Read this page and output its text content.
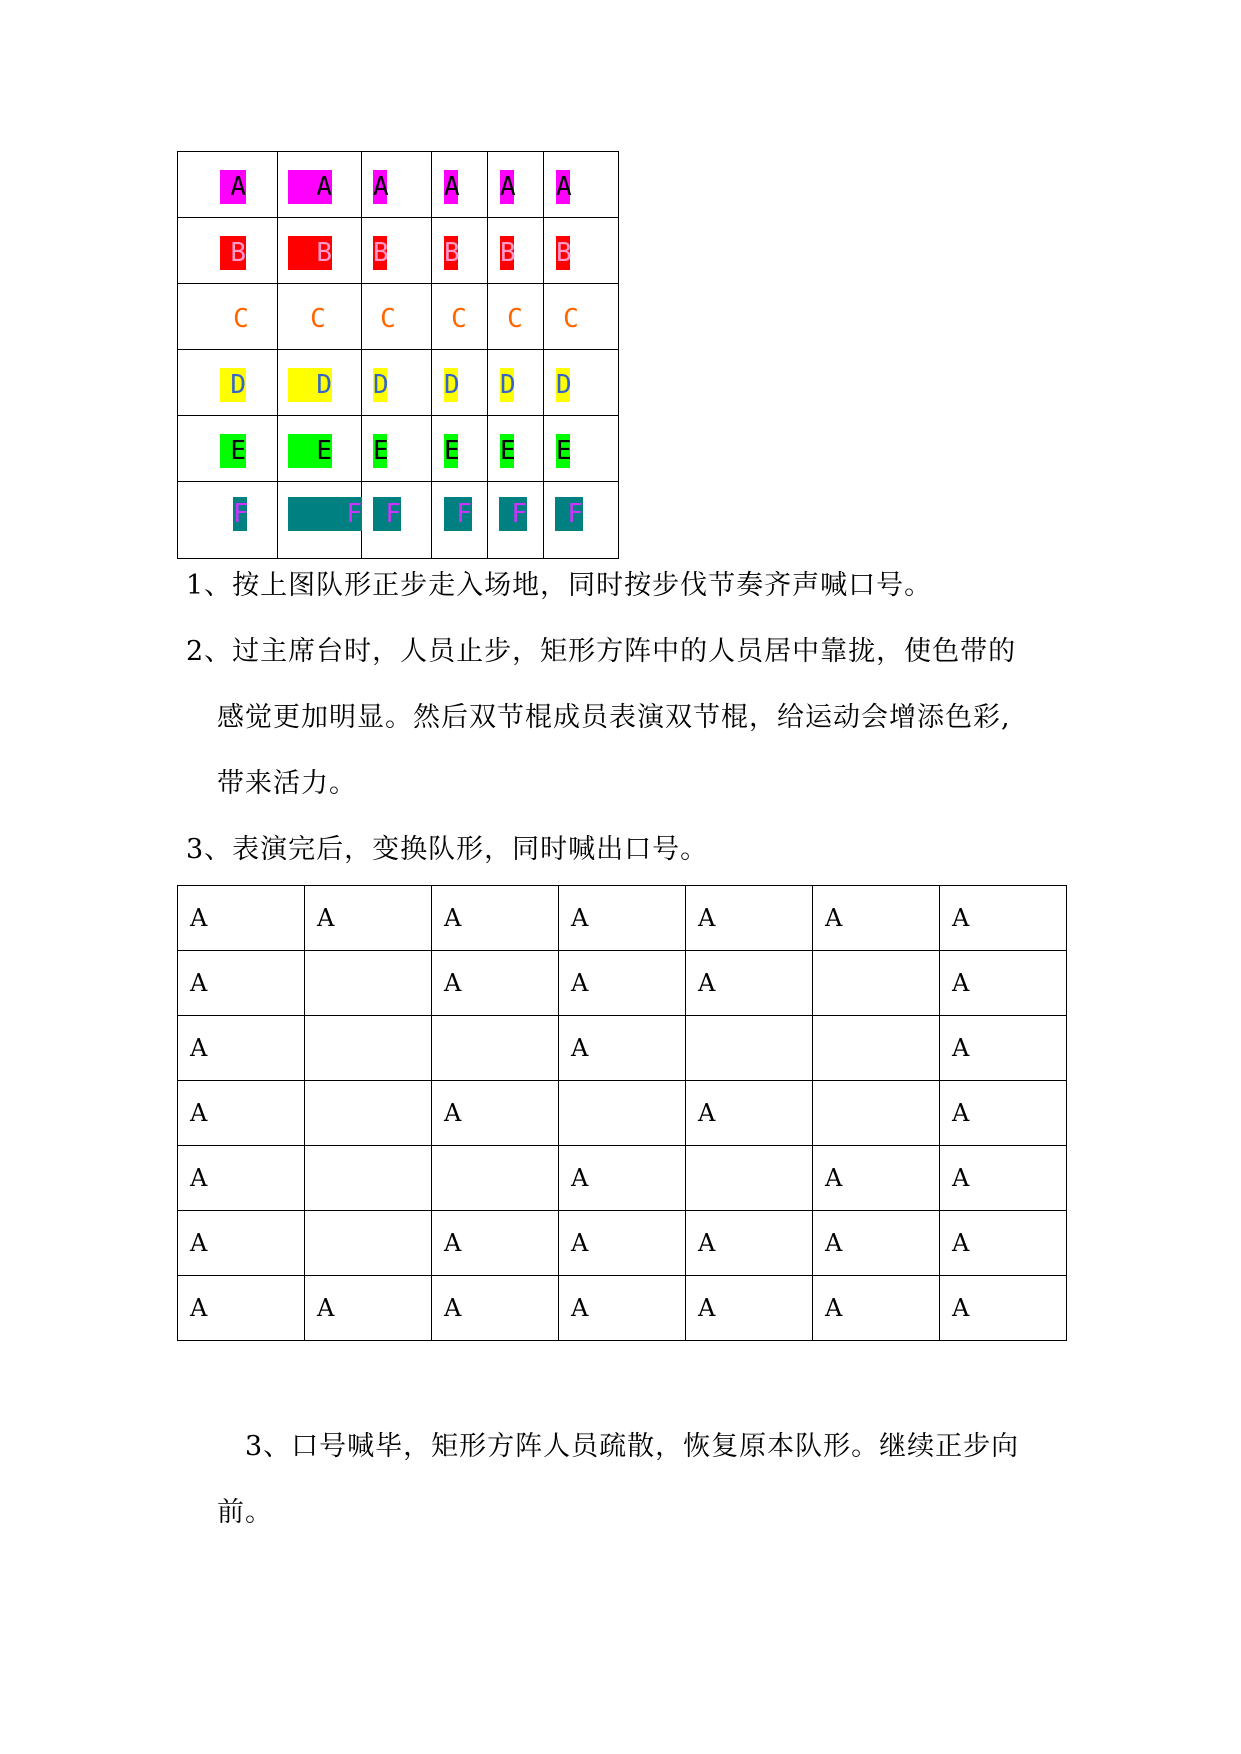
A	A	A	A	A	A

B	B	B	B	B	B

C	C	C	C	C	C

D	D	D	D	D	D

E	E	E	E	E	E

F	F	F	F	F	F

1、按上图队形正步走入场地，同时按步伐节奏齐声喊口号。

2、过主席台时，人员止步，矩形方阵中的人员居中靠拢，使色带的

感觉更加明显。然后双节棍成员表演双节棍，给运动会增添色彩,

带来活力。

3、表演完后，变换队形，同时喊出口号。

A	A	A	A	A	A	A
A		A	A	A		A
A			A			A
A		A		A		A
A			A		A	A
A		A	A	A	A	A
A	A	A	A	A	A	A

3、口号喊毕，矩形方阵人员疏散，恢复原本队形。继续正步向

前。
